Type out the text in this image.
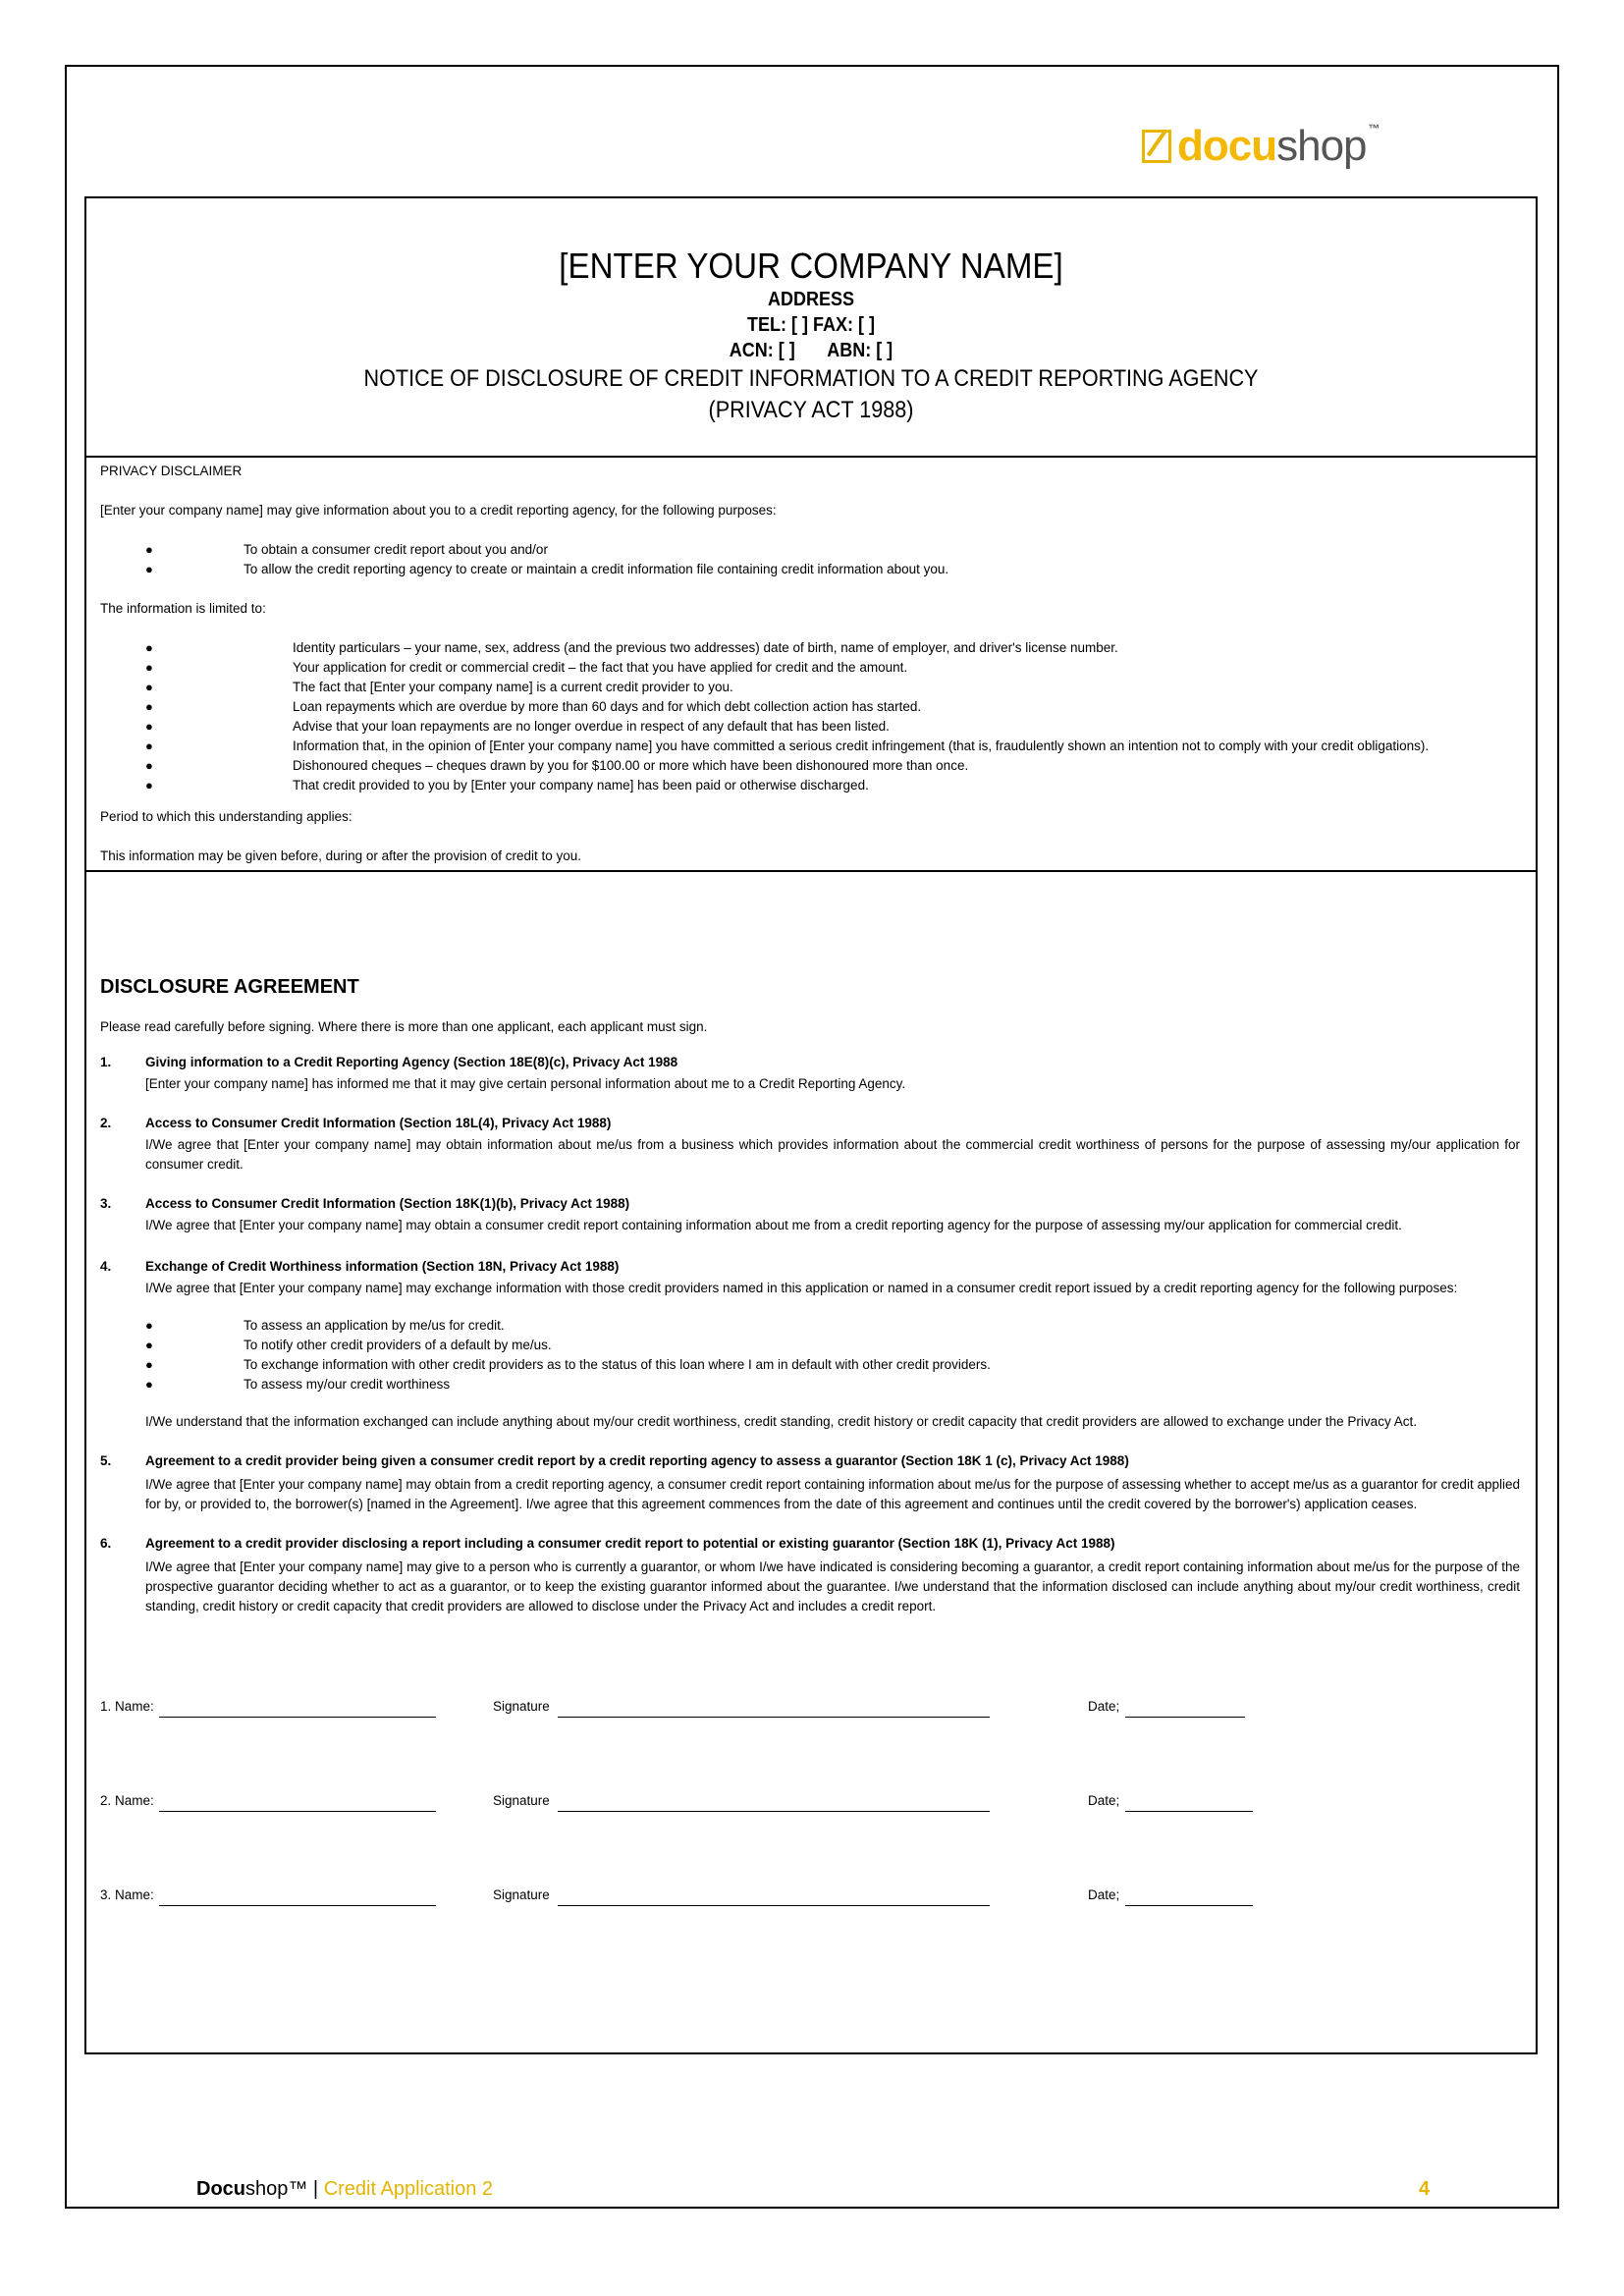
docushop ™
[ENTER YOUR COMPANY NAME]
ADDRESS
TEL: [ ] FAX: [ ]
ACN: [ ] ABN: [ ]
NOTICE OF DISCLOSURE OF CREDIT INFORMATION TO A CREDIT REPORTING AGENCY
(PRIVACY ACT 1988)
PRIVACY DISCLAIMER
[Enter your company name] may give information about you to a credit reporting agency, for the following purposes:
●	To obtain a consumer credit report about you and/or
●	To allow the credit reporting agency to create or maintain a credit information file containing credit information about you.
The information is limited to:
●	Identity particulars – your name, sex, address (and the previous two addresses) date of birth, name of employer, and driver's license number.
●	Your application for credit or commercial credit – the fact that you have applied for credit and the amount.
●	The fact that [Enter your company name] is a current credit provider to you.
●	Loan repayments which are overdue by more than 60 days and for which debt collection action has started.
●	Advise that your loan repayments are no longer overdue in respect of any default that has been listed.
●	Information that, in the opinion of [Enter your company name] you have committed a serious credit infringement (that is, fraudulently shown an intention not to comply with your credit obligations).
●	Dishonoured cheques – cheques drawn by you for $100.00 or more which have been dishonoured more than once.
●	That credit provided to you by [Enter your company name] has been paid or otherwise discharged.
Period to which this understanding applies:
This information may be given before, during or after the provision of credit to you.
DISCLOSURE AGREEMENT
Please read carefully before signing. Where there is more than one applicant, each applicant must sign.
1.	Giving information to a Credit Reporting Agency (Section 18E(8)(c), Privacy Act 1988
[Enter your company name] has informed me that it may give certain personal information about me to a Credit Reporting Agency.
2.	Access to Consumer Credit Information (Section 18L(4), Privacy Act 1988)
I/We agree that [Enter your company name] may obtain information about me/us from a business which provides information about the commercial credit worthiness of persons for the purpose of assessing my/our application for consumer credit.
3.	Access to Consumer Credit Information (Section 18K(1)(b), Privacy Act 1988)
I/We agree that [Enter your company name] may obtain a consumer credit report containing information about me from a credit reporting agency for the purpose of assessing my/our application for commercial credit.
4.	Exchange of Credit Worthiness information (Section 18N, Privacy Act 1988)
I/We agree that [Enter your company name] may exchange information with those credit providers named in this application or named in a consumer credit report issued by a credit reporting agency for the following purposes:
●	To assess an application by me/us for credit.
●	To notify other credit providers of a default by me/us.
●	To exchange information with other credit providers as to the status of this loan where I am in default with other credit providers.
●	To assess my/our credit worthiness
I/We understand that the information exchanged can include anything about my/our credit worthiness, credit standing, credit history or credit capacity that credit providers are allowed to exchange under the Privacy Act.
5.	Agreement to a credit provider being given a consumer credit report by a credit reporting agency to assess a guarantor (Section 18K 1 (c), Privacy Act 1988)
I/We agree that [Enter your company name] may obtain from a credit reporting agency, a consumer credit report containing information about me/us for the purpose of assessing whether to accept me/us as a guarantor for credit applied for by, or provided to, the borrower(s) [named in the Agreement]. I/we agree that this agreement commences from the date of this agreement and continues until the credit covered by the borrower's) application ceases.
6.	Agreement to a credit provider disclosing a report including a consumer credit report to potential or existing guarantor (Section 18K (1), Privacy Act 1988)
I/We agree that [Enter your company name] may give to a person who is currently a guarantor, or whom I/we have indicated is considering becoming a guarantor, a credit report containing information about me/us for the purpose of the prospective guarantor deciding whether to act as a guarantor, or to keep the existing guarantor informed about the guarantee. I/we understand that the information disclosed can include anything about my/our credit worthiness, credit standing, credit history or credit capacity that credit providers are allowed to disclose under the Privacy Act and includes a credit report.
1. Name:	Signature	Date;
2. Name:	Signature	Date;
3. Name:	Signature	Date;
Docushop™ | Credit Application 2	4
